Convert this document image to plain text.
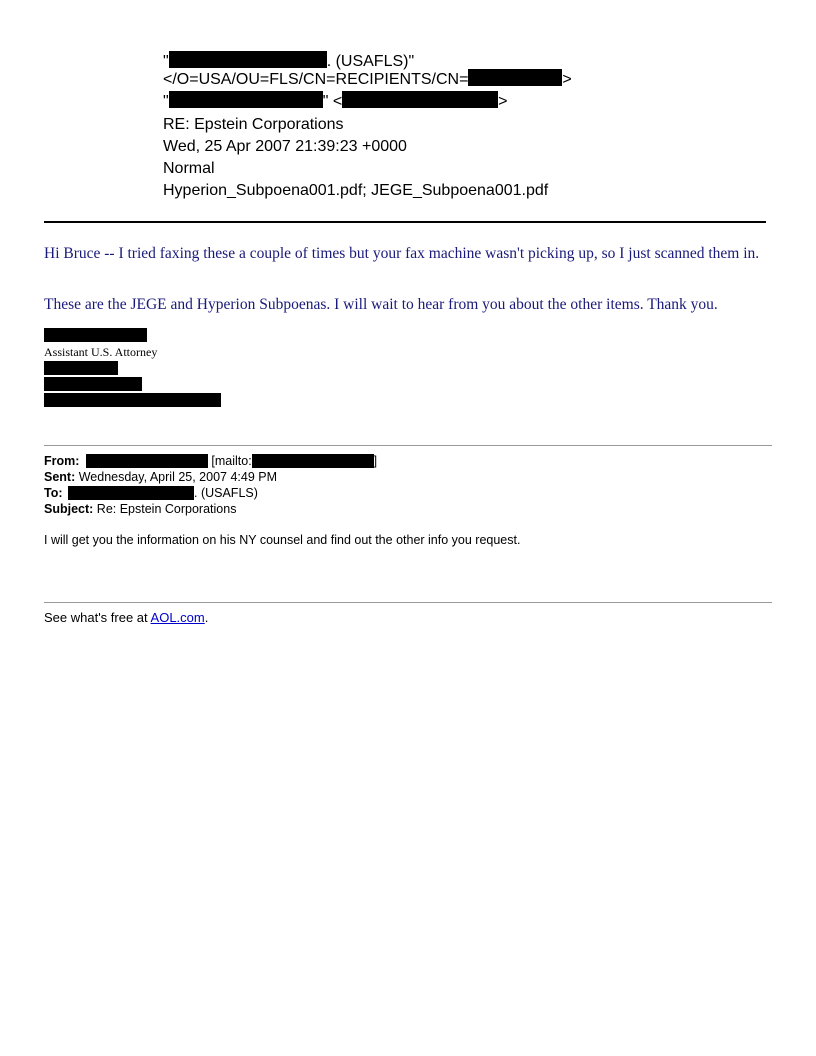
"	. (USAFLS)"
</O=USA/OU=FLS/CN=RECIPIENTS/CN=	>
"	" <	>
RE: Epstein Corporations
Wed, 25 Apr 2007 21:39:23 +0000
Normal
Hyperion_Subpoena001.pdf; JEGE_Subpoena001.pdf
Hi Bruce -- I tried faxing these a couple of times but your fax machine wasn't picking up, so I just scanned them in.
These are the JEGE and Hyperion Subpoenas. I will wait to hear from you about the other items. Thank you.
Assistant U.S. Attorney
From:	[mailto:	]
Sent: Wednesday, April 25, 2007 4:49 PM
To:	. (USAFLS)
Subject: Re: Epstein Corporations
I will get you the information on his NY counsel and find out the other info you request.
See what's free at AOL.com.
